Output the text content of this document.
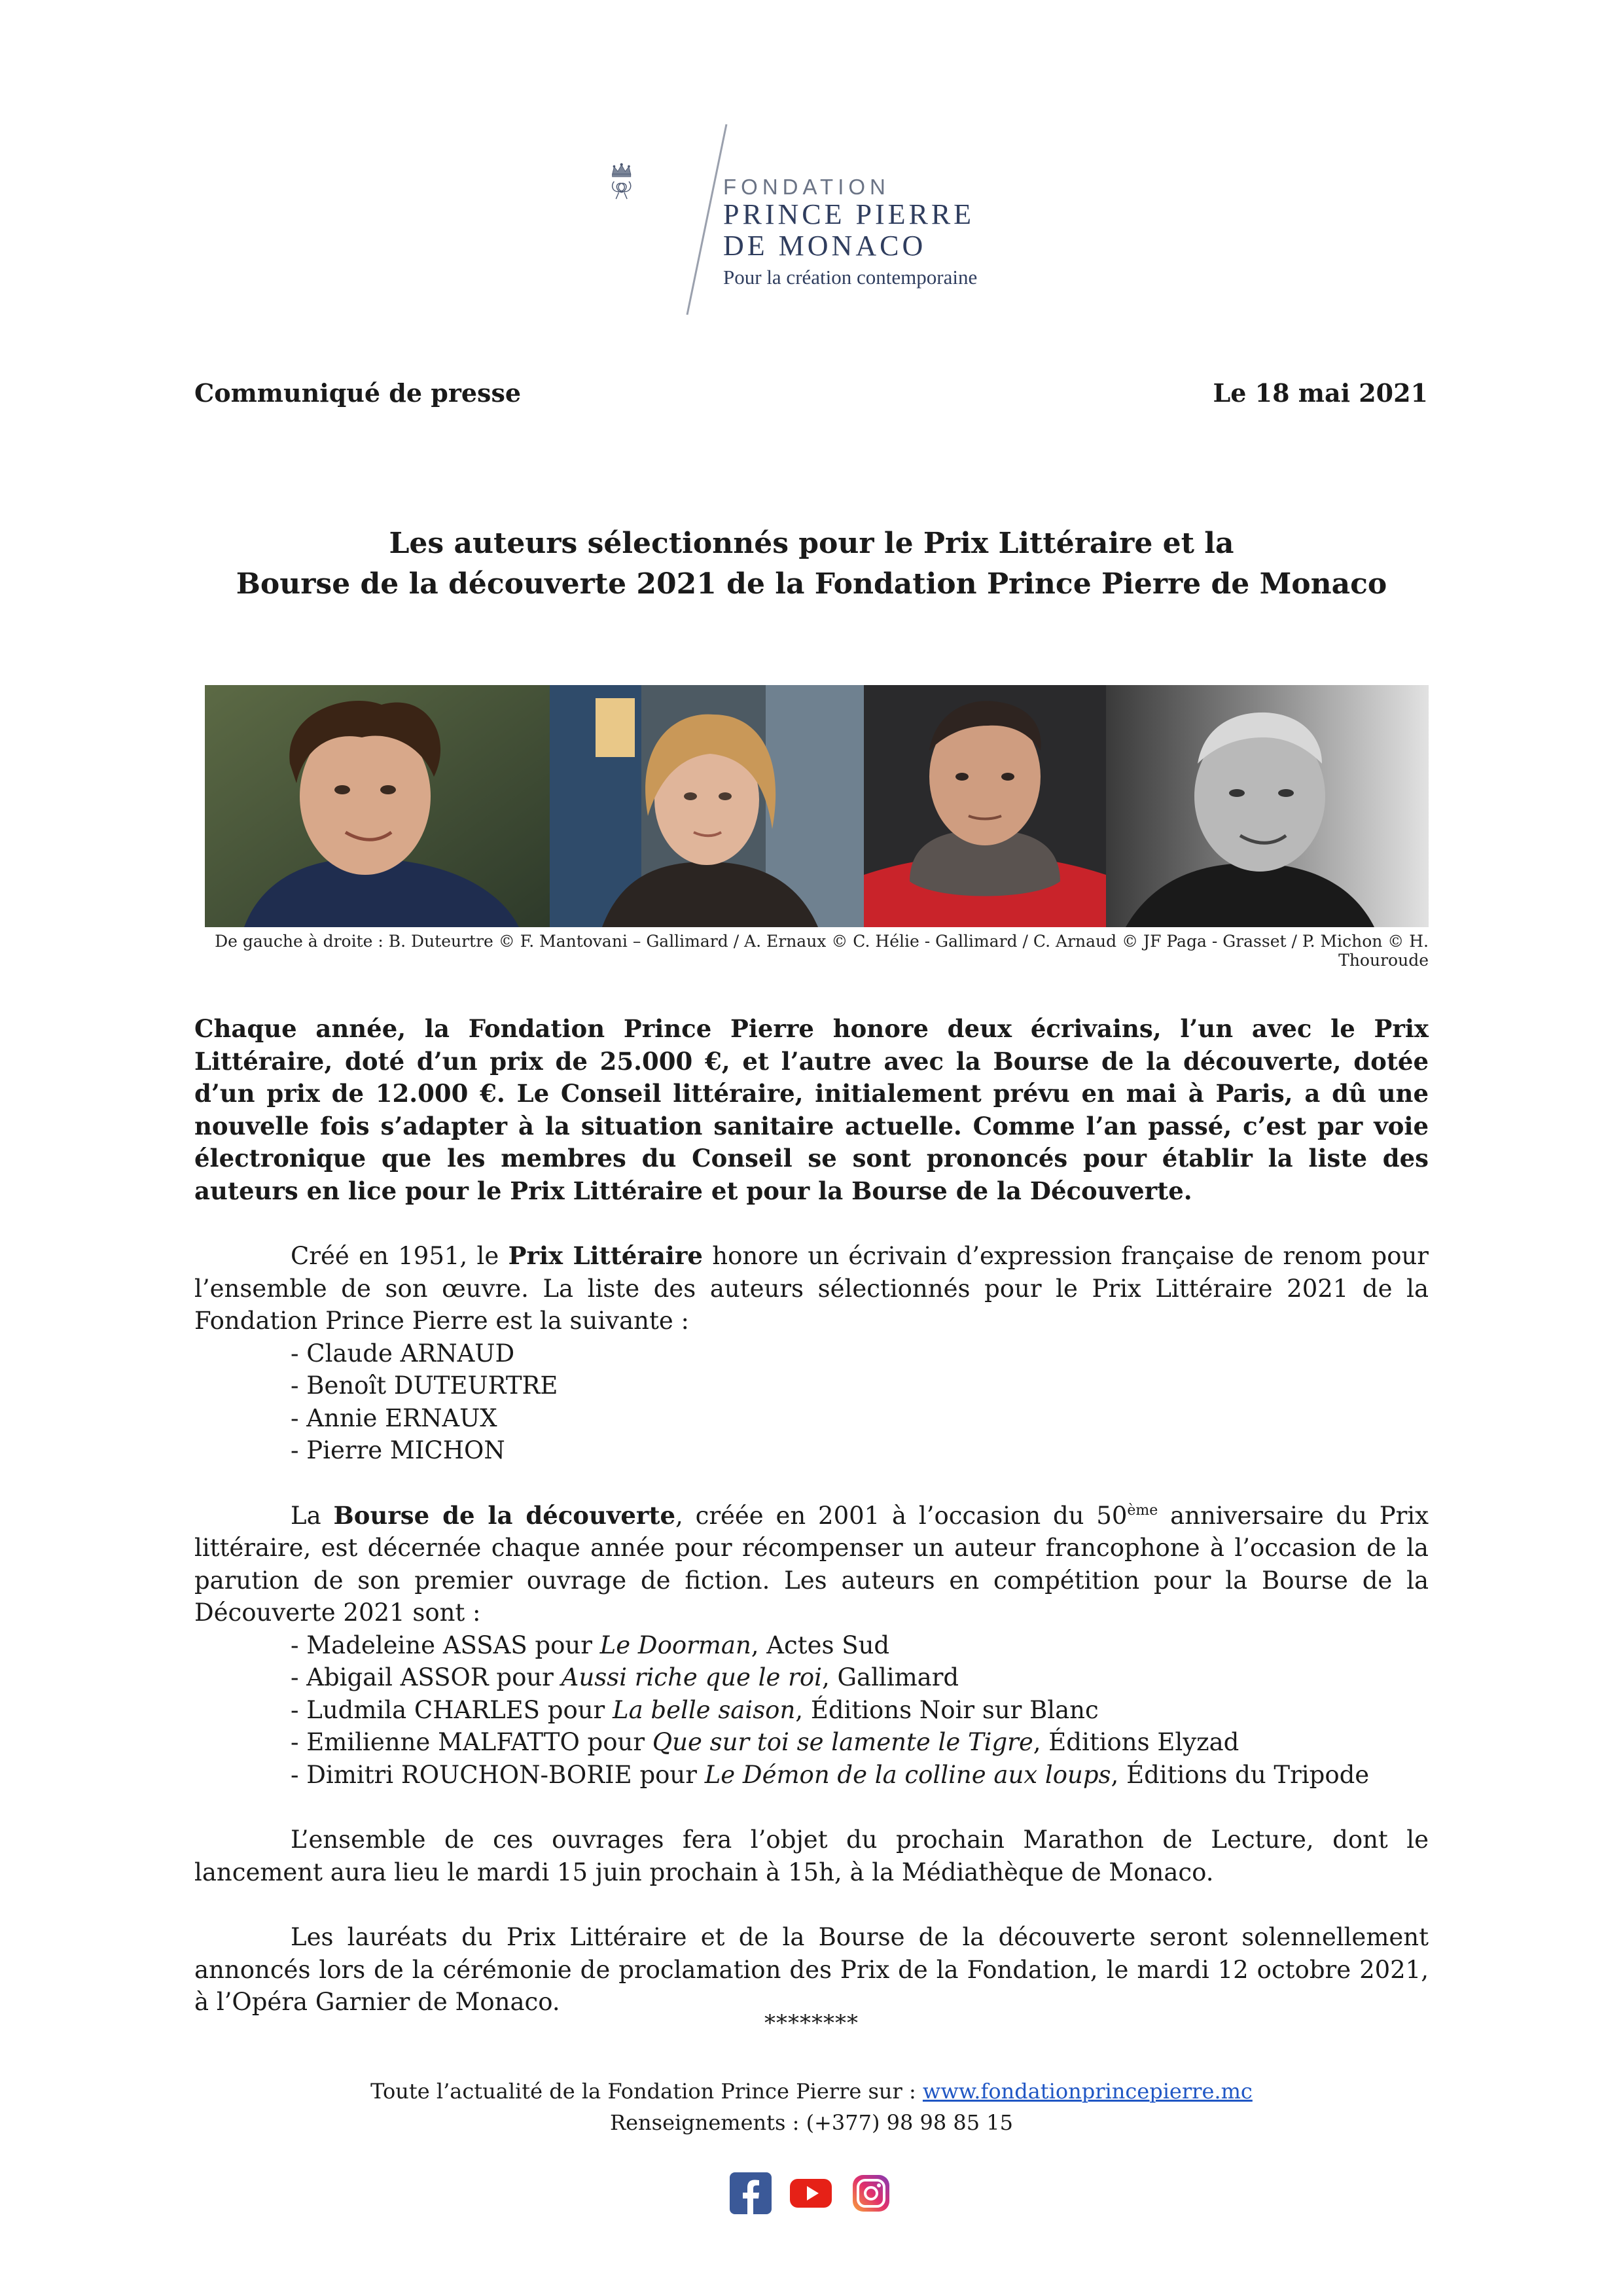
FONDATION
PRINCE PIERRE
DE MONACO
Pour la création contemporaine
Communiqué de presse	Le 18 mai 2021
Les auteurs sélectionnés pour le Prix Littéraire et la
Bourse de la découverte 2021 de la Fondation Prince Pierre de Monaco
De gauche à droite : B. Duteurtre © F. Mantovani – Gallimard / A. Ernaux © C. Hélie - Gallimard / C. Arnaud © JF Paga - Grasset / P. Michon © H. Thouroude

Chaque année, la Fondation Prince Pierre honore deux écrivains, l’un avec le Prix Littéraire, doté d’un prix de 25.000 €, et l’autre avec la Bourse de la découverte, dotée d’un prix de 12.000 €. Le Conseil littéraire, initialement prévu en mai à Paris, a dû une nouvelle fois s’adapter à la situation sanitaire actuelle. Comme l’an passé, c’est par voie électronique que les membres du Conseil se sont prononcés pour établir la liste des auteurs en lice pour le Prix Littéraire et pour la Bourse de la Découverte.

Créé en 1951, le Prix Littéraire honore un écrivain d’expression française de renom pour l’ensemble de son œuvre. La liste des auteurs sélectionnés pour le Prix Littéraire 2021 de la Fondation Prince Pierre est la suivante :

- Claude ARNAUD
- Benoît DUTEURTRE
- Annie ERNAUX
- Pierre MICHON

La Bourse de la découverte, créée en 2001 à l’occasion du 50ème anniversaire du Prix littéraire, est décernée chaque année pour récompenser un auteur francophone à l’occasion de la parution de son premier ouvrage de fiction. Les auteurs en compétition pour la Bourse de la Découverte 2021 sont :

- Madeleine ASSAS pour Le Doorman, Actes Sud
- Abigail ASSOR pour Aussi riche que le roi, Gallimard
- Ludmila CHARLES pour La belle saison, Éditions Noir sur Blanc
- Emilienne MALFATTO pour Que sur toi se lamente le Tigre, Éditions Elyzad
- Dimitri ROUCHON-BORIE pour Le Démon de la colline aux loups, Éditions du Tripode

L’ensemble de ces ouvrages fera l’objet du prochain Marathon de Lecture, dont le lancement aura lieu le mardi 15 juin prochain à 15h, à la Médiathèque de Monaco.

Les lauréats du Prix Littéraire et de la Bourse de la découverte seront solennellement annoncés lors de la cérémonie de proclamation des Prix de la Fondation, le mardi 12 octobre 2021, à l’Opéra Garnier de Monaco.

********
Toute l’actualité de la Fondation Prince Pierre sur : www.fondationprincepierre.mc
Renseignements : (+377) 98 98 85 15
